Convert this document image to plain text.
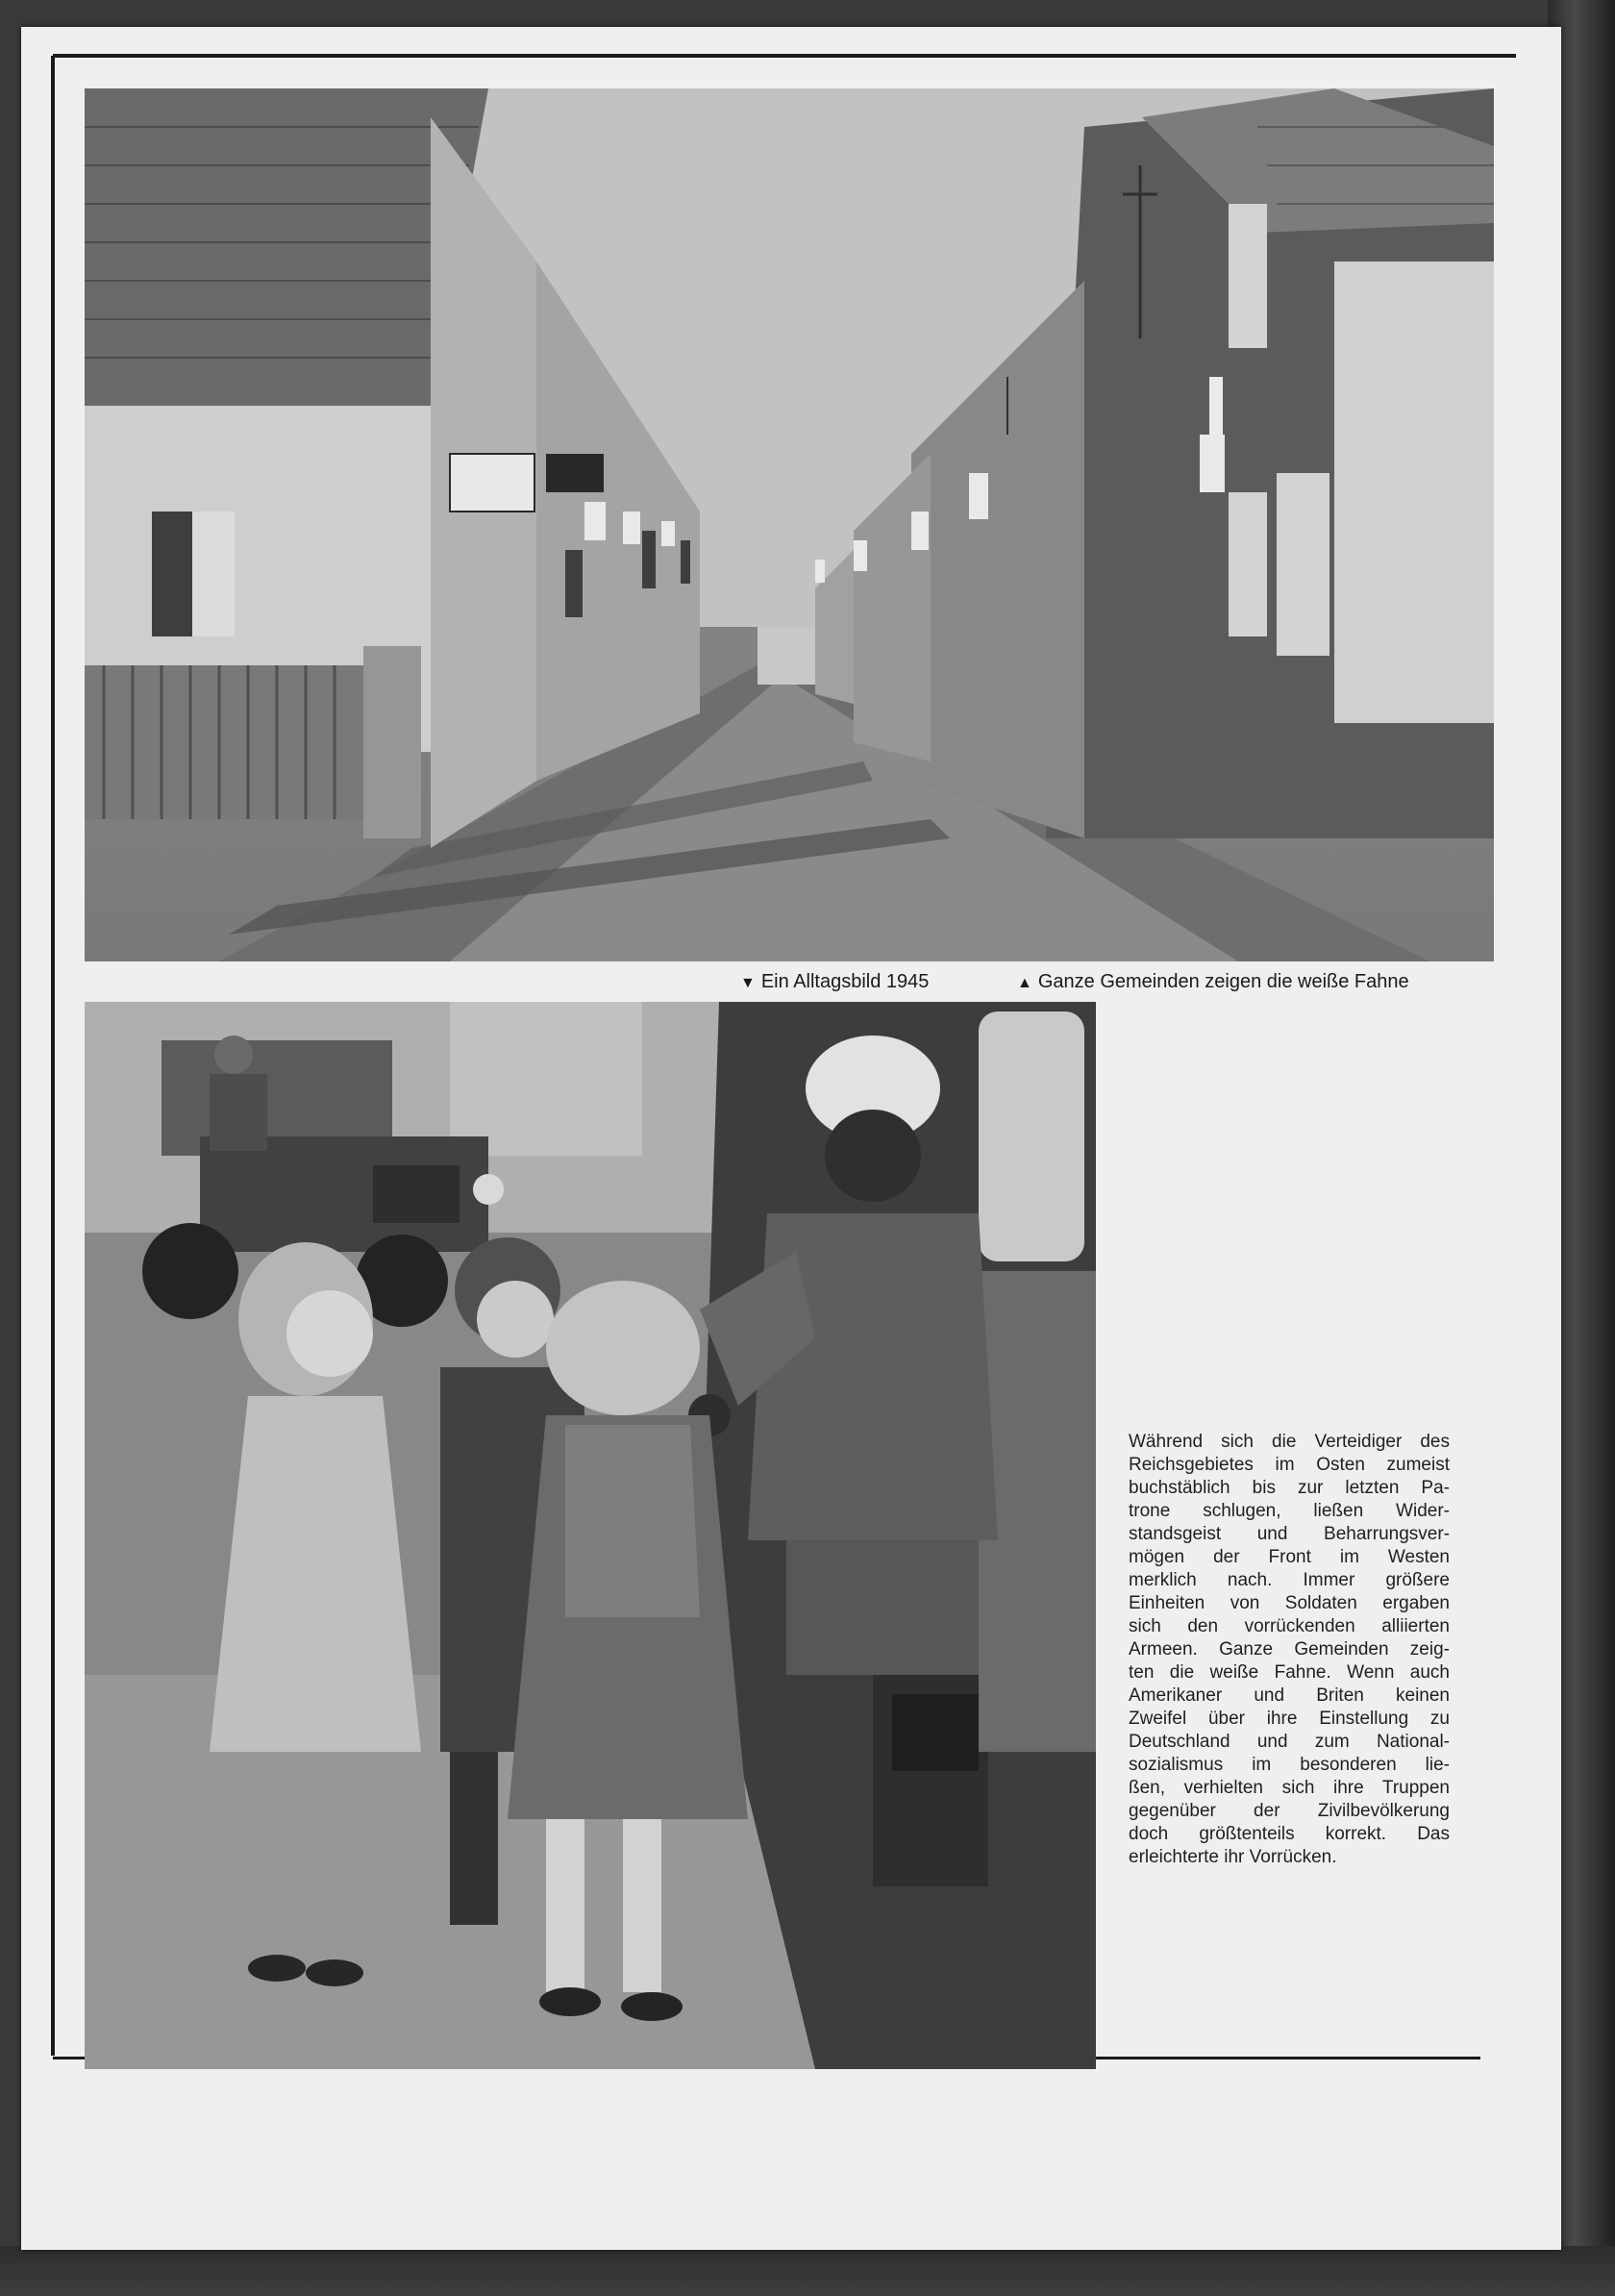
▼ Ein Alltagsbild 1945	▲ Ganze Gemeinden zeigen die weiße Fahne
Während sich die Verteidiger des
Reichsgebietes im Osten zumeist
buchstäblich bis zur letzten Pa-
trone schlugen, ließen Wider-
standsgeist und Beharrungsver-
mögen der Front im Westen
merklich nach. Immer größere
Einheiten von Soldaten ergaben
sich den vorrückenden alliierten
Armeen. Ganze Gemeinden zeig-
ten die weiße Fahne. Wenn auch
Amerikaner und Briten keinen
Zweifel über ihre Einstellung zu
Deutschland und zum National-
sozialismus im besonderen lie-
ßen, verhielten sich ihre Truppen
gegenüber der Zivilbevölkerung
doch größtenteils korrekt. Das
erleichterte ihr Vorrücken.
